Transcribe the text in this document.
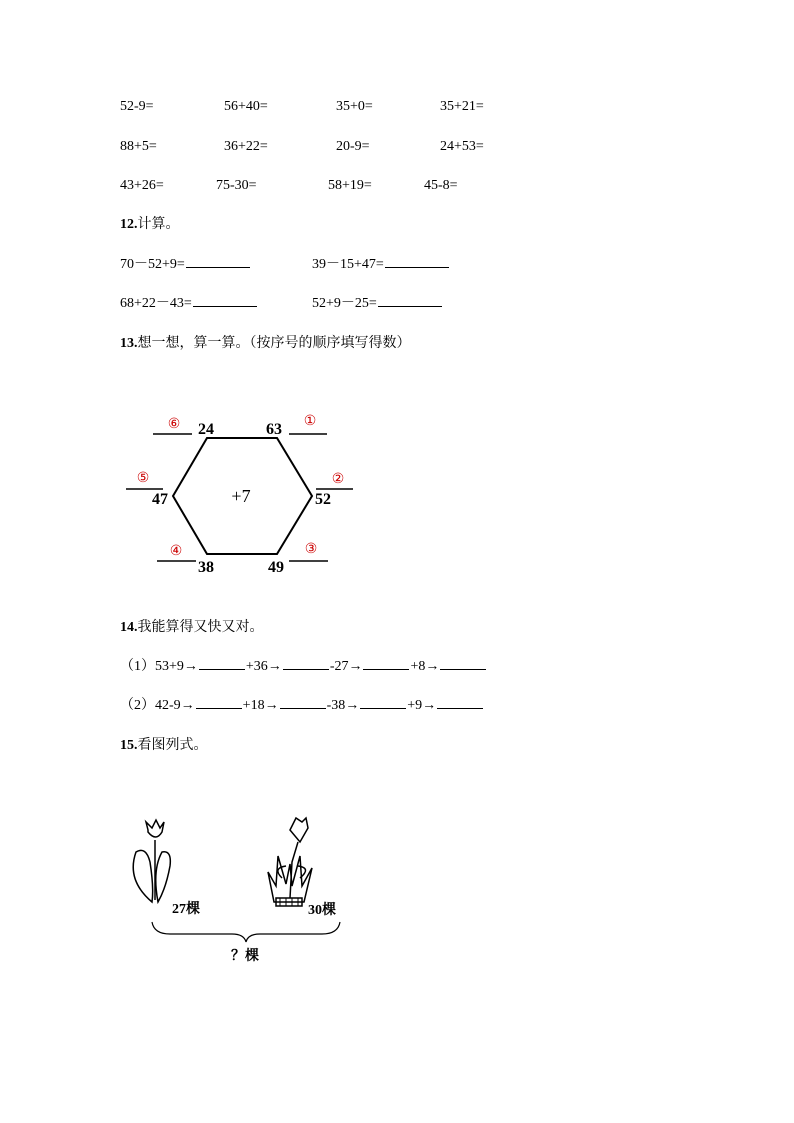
52-9=	56+40=	35+0=	35+21=
88+5=	36+22=	20-9=	24+53=
43+26=	75-30=	58+19=	45-8=
12.计算。
70－52+9=	39－15+47=
68+22－43=	52+9－25=
13.想一想，算一算。（按序号的顺序填写得数）
+7
63
52
49
38
47
24	①
②
③
④
⑤
⑥
14.我能算得又快又对。
（1）53+9→	+36→	-27→	+8→
（2）42-9→	+18→	-38→	+9→
15.看图列式。
27棵	30棵
？棵
